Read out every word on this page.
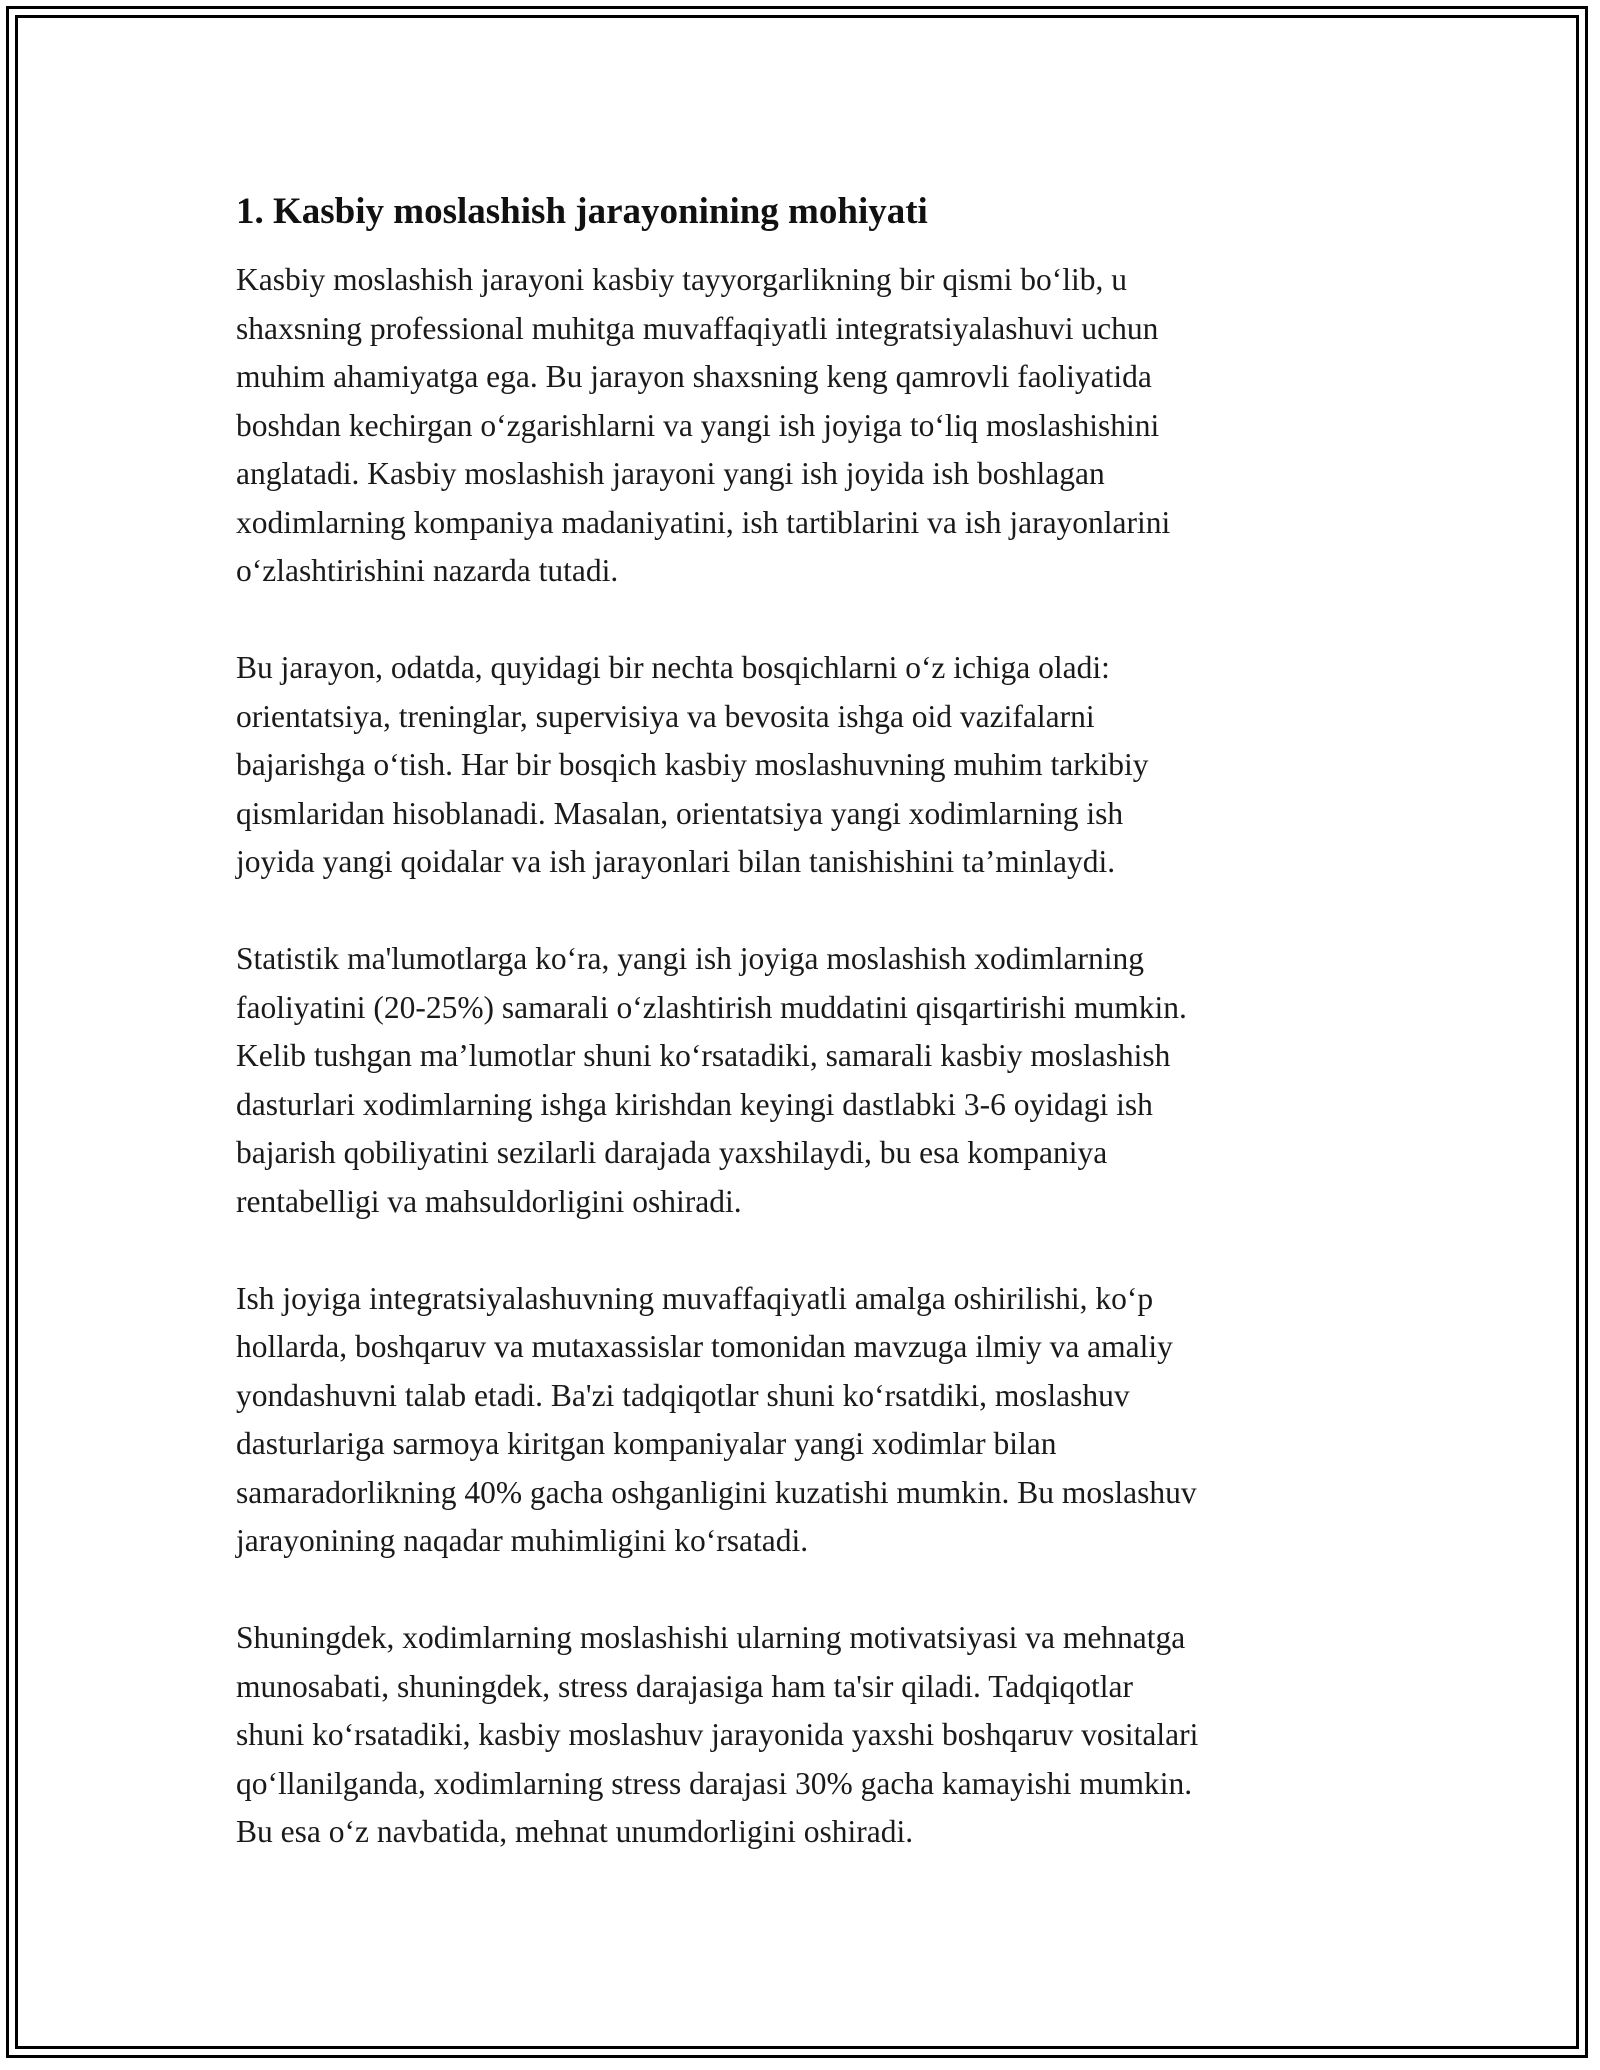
1. Kasbiy moslashish jarayonining mohiyati

Kasbiy moslashish jarayoni kasbiy tayyorgarlikning bir qismi bo‘lib, u
shaxsning professional muhitga muvaffaqiyatli integratsiyalashuvi uchun
muhim ahamiyatga ega. Bu jarayon shaxsning keng qamrovli faoliyatida
boshdan kechirgan o‘zgarishlarni va yangi ish joyiga to‘liq moslashishini
anglatadi. Kasbiy moslashish jarayoni yangi ish joyida ish boshlagan
xodimlarning kompaniya madaniyatini, ish tartiblarini va ish jarayonlarini
o‘zlashtirishini nazarda tutadi.

Bu jarayon, odatda, quyidagi bir nechta bosqichlarni o‘z ichiga oladi:
orientatsiya, treninglar, supervisiya va bevosita ishga oid vazifalarni
bajarishga o‘tish. Har bir bosqich kasbiy moslashuvning muhim tarkibiy
qismlaridan hisoblanadi. Masalan, orientatsiya yangi xodimlarning ish
joyida yangi qoidalar va ish jarayonlari bilan tanishishini ta’minlaydi.

Statistik ma'lumotlarga ko‘ra, yangi ish joyiga moslashish xodimlarning
faoliyatini (20-25%) samarali o‘zlashtirish muddatini qisqartirishi mumkin.
Kelib tushgan ma’lumotlar shuni ko‘rsatadiki, samarali kasbiy moslashish
dasturlari xodimlarning ishga kirishdan keyingi dastlabki 3-6 oyidagi ish
bajarish qobiliyatini sezilarli darajada yaxshilaydi, bu esa kompaniya
rentabelligi va mahsuldorligini oshiradi.

Ish joyiga integratsiyalashuvning muvaffaqiyatli amalga oshirilishi, ko‘p
hollarda, boshqaruv va mutaxassislar tomonidan mavzuga ilmiy va amaliy
yondashuvni talab etadi. Ba'zi tadqiqotlar shuni ko‘rsatdiki, moslashuv
dasturlariga sarmoya kiritgan kompaniyalar yangi xodimlar bilan
samaradorlikning 40% gacha oshganligini kuzatishi mumkin. Bu moslashuv
jarayonining naqadar muhimligini ko‘rsatadi.

Shuningdek, xodimlarning moslashishi ularning motivatsiyasi va mehnatga
munosabati, shuningdek, stress darajasiga ham ta'sir qiladi. Tadqiqotlar
shuni ko‘rsatadiki, kasbiy moslashuv jarayonida yaxshi boshqaruv vositalari
qo‘llanilganda, xodimlarning stress darajasi 30% gacha kamayishi mumkin.
Bu esa o‘z navbatida, mehnat unumdorligini oshiradi.
